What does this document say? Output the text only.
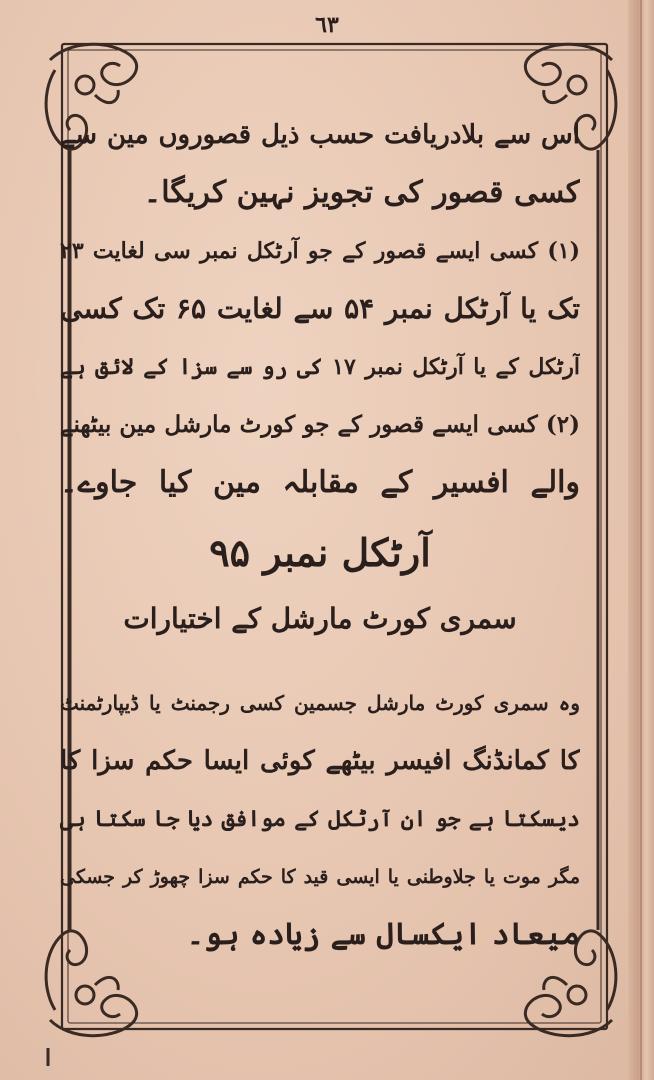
٦٣
اس سے بلادریافت حسب ذیل قصوروں مین سے
کسی قصور کی تجویز نہین کریگا۔
(۱) کسی ایسے قصور کے جو آرٹکل نمبر سی لغایت ۲۳
تک یا آرٹکل نمبر ۵۴ سے لغایت ۶۵ تک کسی
آرٹکل کے یا آرٹکل نمبر ۱۷ کی رو سے سزا کے لائق ہے
(۲) کسی ایسے قصور کے جو کورٹ مارشل مین بیٹھنے
والے افسیر کے مقابلہ مین کیا جاوے۔
آرٹکل نمبر ۹۵
سمری کورٹ مارشل کے اختیارات
وہ سمری کورٹ مارشل جسمین کسی رجمنٹ یا ڈیپارٹمنٹ
کا کمانڈنگ افیسر بیٹھے کوئی ایسا حکم سزا کا
دیسکتا ہے جو ان آرٹکل کے موافق دیا جا سکتا ہی
مگر موت یا جلاوطنی یا ایسی قید کا حکم سزا چھوڑ کر جسکی
میعاد ایکسال سے زیادہ ہو۔
